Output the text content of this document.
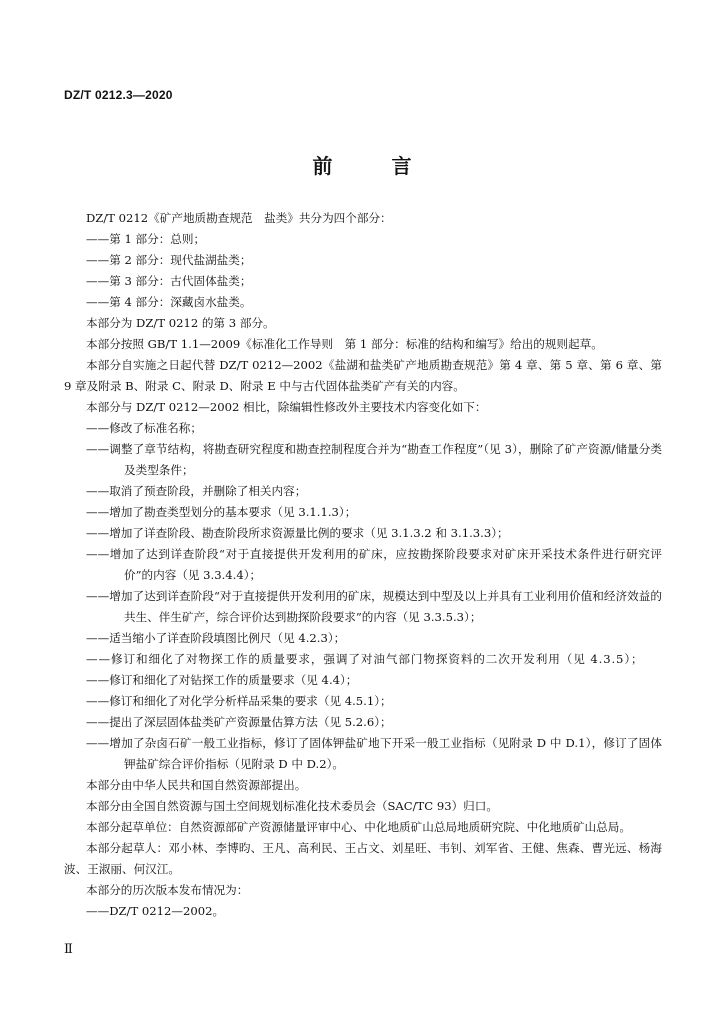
DZ/T 0212.3—2020
前 言

DZ/T 0212《矿产地质勘查规范　盐类》共分为四个部分：

——第 1 部分：总则；

——第 2 部分：现代盐湖盐类；

——第 3 部分：古代固体盐类；

——第 4 部分：深藏卤水盐类。

本部分为 DZ/T 0212 的第 3 部分。

本部分按照 GB/T 1.1—2009《标准化工作导则　第 1 部分：标准的结构和编写》给出的规则起草。

本部分自实施之日起代替 DZ/T 0212—2002《盐湖和盐类矿产地质勘查规范》第 4 章、第 5 章、第 6 章、第 9 章及附录 B、附录 C、附录 D、附录 E 中与古代固体盐类矿产有关的内容。

本部分与 DZ/T 0212—2002 相比，除编辑性修改外主要技术内容变化如下：

——修改了标准名称；

——调整了章节结构，将勘查研究程度和勘查控制程度合并为“勘查工作程度”（见 3），删除了矿产资源/储量分类及类型条件；

——取消了预查阶段，并删除了相关内容；

——增加了勘查类型划分的基本要求（见 3.1.1.3）；

——增加了详查阶段、勘查阶段所求资源量比例的要求（见 3.1.3.2 和 3.1.3.3）；

——增加了达到详查阶段“对于直接提供开发利用的矿床，应按勘探阶段要求对矿床开采技术条件进行研究评价”的内容（见 3.3.4.4）；

——增加了达到详查阶段“对于直接提供开发利用的矿床，规模达到中型及以上并具有工业利用价值和经济效益的共生、伴生矿产，综合评价达到勘探阶段要求”的内容（见 3.3.5.3）；

——适当缩小了详查阶段填图比例尺（见 4.2.3）；

——修订和细化了对物探工作的质量要求，强调了对油气部门物探资料的二次开发利用（见 4.3.5）；

——修订和细化了对钻探工作的质量要求（见 4.4）；

——修订和细化了对化学分析样品采集的要求（见 4.5.1）；

——提出了深层固体盐类矿产资源量估算方法（见 5.2.6）；

——增加了杂卤石矿一般工业指标，修订了固体钾盐矿地下开采一般工业指标（见附录 D 中 D.1），修订了固体钾盐矿综合评价指标（见附录 D 中 D.2）。

本部分由中华人民共和国自然资源部提出。

本部分由全国自然资源与国土空间规划标准化技术委员会（SAC/TC 93）归口。

本部分起草单位：自然资源部矿产资源储量评审中心、中化地质矿山总局地质研究院、中化地质矿山总局。

本部分起草人：邓小林、李博昀、王凡、高利民、王占文、刘星旺、韦钊、刘军省、王健、焦森、曹光远、杨海波、王淑丽、何汉江。

本部分的历次版本发布情况为：

——DZ/T 0212—2002。

Ⅱ
